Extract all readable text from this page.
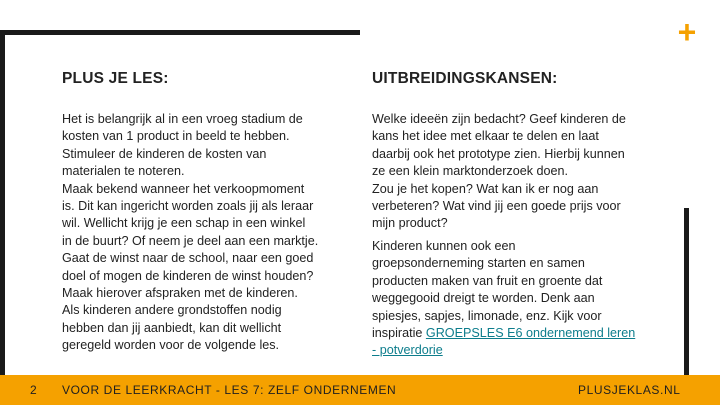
+
PLUS JE LES:
Het is belangrijk al in een vroeg stadium de
kosten van 1 product in beeld te hebben.
Stimuleer de kinderen de kosten van
materialen te noteren.
Maak bekend wanneer het verkoopmoment
is. Dit kan ingericht worden zoals jij als leraar
wil. Wellicht krijg je een schap in een winkel
in de buurt? Of neem je deel aan een marktje.
Gaat de winst naar de school, naar een goed
doel of mogen de kinderen de winst houden?
Maak hierover afspraken met de kinderen.
Als kinderen andere grondstoffen nodig
hebben dan jij aanbiedt, kan dit wellicht
geregeld worden voor de volgende les.
UITBREIDINGSKANSEN:
Welke ideeën zijn bedacht? Geef kinderen de
kans het idee met elkaar te delen en laat
daarbij ook het prototype zien. Hierbij kunnen
ze een klein marktonderzoek doen.
Zou je het kopen? Wat kan ik er nog aan
verbeteren? Wat vind jij een goede prijs voor
mijn product?
Kinderen kunnen ook een
groepsonderneming starten en samen
producten maken van fruit en groente dat
weggegooid dreigt te worden. Denk aan
spiesjes, sapjes, limonade, enz. Kijk voor
inspiratie GROEPSLES E6 ondernemend leren
- potverdorie
2 VOOR DE LEERKRACHT - LES 7: ZELF ONDERNEMEN	PLUSJEKLAS.NL
